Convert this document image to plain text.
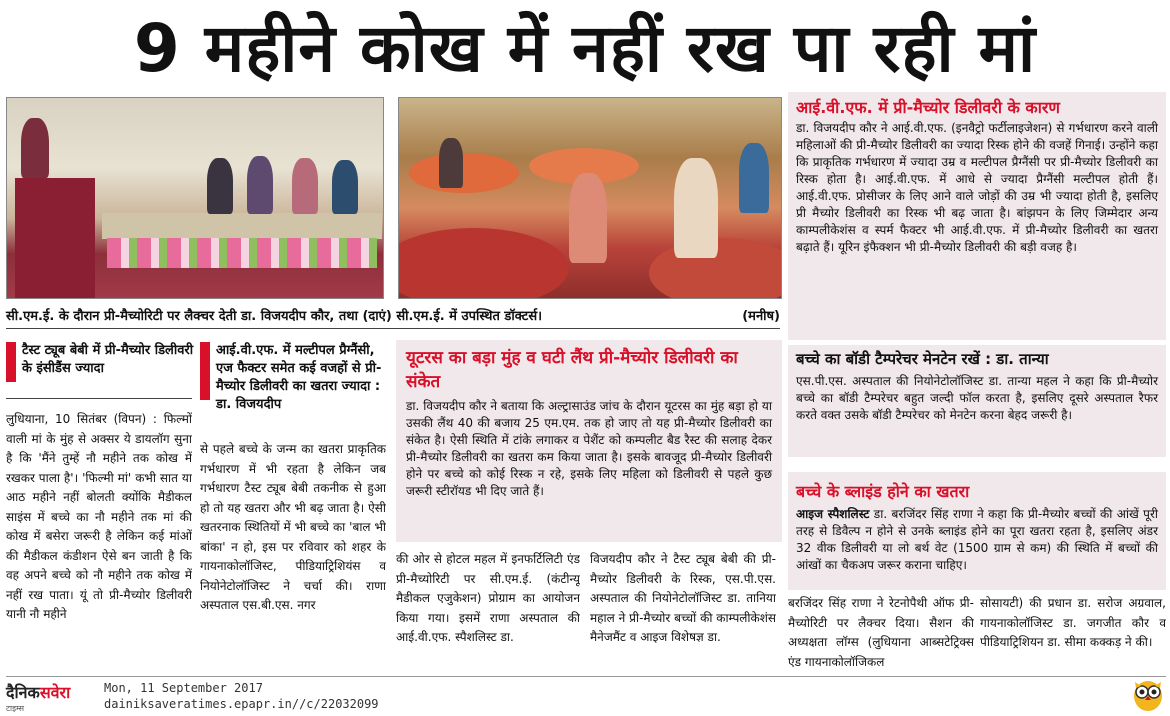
9 महीने कोख में नहीं रख पा रही मां
सी.एम.ई. के दौरान प्री-मैच्योरिटी पर लैक्चर देती डा. विजयदीप कौर, तथा (दाएं) सी.एम.ई. में उपस्थित डॉक्टर्स।	(मनीष)
आई.वी.एफ. में प्री-मैच्योर डिलीवरी के कारण
डा. विजयदीप कौर ने आई.वी.एफ. (इनवैट्रो फर्टीलाइजेशन) से गर्भधारण करने वाली महिलाओं की प्री-मैच्योर डिलीवरी का ज्यादा रिस्क होने की वजहें गिनाई। उन्होंने कहा कि प्राकृतिक गर्भधारण में ज्यादा उम्र व मल्टीपल प्रैग्नैंसी पर प्री-मैच्योर डिलीवरी का रिस्क होता है। आई.वी.एफ. में आधे से ज्यादा प्रैग्नैंसी मल्टीपल होती हैं। आई.वी.एफ. प्रोसीजर के लिए आने वाले जोड़ों की उम्र भी ज्यादा होती है, इसलिए प्री मैच्योर डिलीवरी का रिस्क भी बढ़ जाता है। बांझपन के लिए जिम्मेदार अन्य काम्पलीकेशंस व स्पर्म फैक्टर भी आई.वी.एफ. में प्री-मैच्योर डिलीवरी का खतरा बढ़ाते हैं। यूरिन इंफैक्शन भी प्री-मैच्योर डिलीवरी की बड़ी वजह है।
बच्चे का बॉडी टैम्परेचर मेनटेन रखें : डा. तान्या
एस.पी.एस. अस्पताल की नियोनेटोलॉजिस्ट डा. तान्या महल ने कहा कि प्री-मैच्योर बच्चे का बॉडी टैम्परेचर बहुत जल्दी फॉल करता है, इसलिए दूसरे अस्पताल रैफर करते वक्त उसके बॉडी टैम्परेचर को मेनटेन करना बेहद जरूरी है।
बच्चे के ब्लाइंड होने का खतरा
आइज स्पैशलिस्ट डा. बरजिंदर सिंह राणा ने कहा कि प्री-मैच्योर बच्चों की आंखें पूरी तरह से डिवैल्प न होने से उनके ब्लाइंड होने का पूरा खतरा रहता है, इसलिए अंडर 32 वीक डिलीवरी या लो बर्थ वेट (1500 ग्राम से कम) की स्थिति में बच्चों की आंखों का चैकअप जरूर कराना चाहिए।
यूटरस का बड़ा मुंह व घटी लैंथ प्री-मैच्योर डिलीवरी का संकेत
डा. विजयदीप कौर ने बताया कि अल्ट्रासाउंड जांच के दौरान यूटरस का मुंह बड़ा हो या उसकी लैंथ 40 की बजाय 25 एम.एम. तक हो जाए तो यह प्री-मैच्योर डिलीवरी का संकेत है। ऐसी स्थिति में टांके लगाकर व पेशैंट को कम्पलीट बैड रैस्ट की सलाह देकर प्री-मैच्योर डिलीवरी का खतरा कम किया जाता है। इसके बावजूद प्री-मैच्योर डिलीवरी होने पर बच्चे को कोई रिस्क न रहे, इसके लिए महिला को डिलीवरी से पहले कुछ जरूरी स्टीरॉयड भी दिए जाते हैं।
टैस्ट ट्यूब बेबी में प्री-मैच्योर डिलीवरी के इंसीडैंस ज्यादा
आई.वी.एफ. में मल्टीपल प्रैग्नैंसी, एज फैक्टर समेत कई वजहों से प्री-मैच्योर डिलीवरी का खतरा ज्यादा : डा. विजयदीप
लुधियाना, 10 सितंबर (विपन) : फिल्मों वाली मां के मुंह से अक्सर ये डायलॉग सुना है कि 'मैंने तुम्हें नौ महीने तक कोख में रखकर पाला है'। 'फिल्मी मां' कभी सात या आठ महीने नहीं बोलती क्योंकि मैडीकल साइंस में बच्चे का नौ महीने तक मां की कोख में बसेरा जरूरी है लेकिन कई मांओं की मैडीकल कंडीशन ऐसे बन जाती है कि वह अपने बच्चे को नौ महीने तक कोख में नहीं रख पाता। यूं तो प्री-मैच्योर डिलीवरी यानी नौ महीने
से पहले बच्चे के जन्म का खतरा प्राकृतिक गर्भधारण में भी रहता है लेकिन जब गर्भधारण टैस्ट ट्यूब बेबी तकनीक से हुआ हो तो यह खतरा और भी बढ़ जाता है। ऐसी खतरनाक स्थितियों में भी बच्चे का 'बाल भी बांका' न हो, इस पर रविवार को शहर के गायनाकोलॉजिस्ट, पीडियाट्रिशियंस व नियोनेटोलॉजिस्ट ने चर्चा की। राणा अस्पताल एस.बी.एस. नगर
की ओर से होटल महल में इनफर्टिलिटी एंड प्री-मैच्योरिटी पर सी.एम.ई. (कंटीन्यू मैडीकल एजुकेशन) प्रोग्राम का आयोजन किया गया। इसमें राणा अस्पताल की आई.वी.एफ. स्पैशलिस्ट डा.
विजयदीप कौर ने टैस्ट ट्यूब बेबी की प्री-मैच्योर डिलीवरी के रिस्क, एस.पी.एस. अस्पताल की नियोनेटोलॉजिस्ट डा. तानिया महाल ने प्री-मैच्योर बच्चों की काम्पलीकेशंस मैनेजमैंट व आइज विशेषज्ञ डा.
बरजिंदर सिंह राणा ने रेटनोपैथी ऑफ प्री-मैच्योरिटी पर लैक्चर दिया। सैशन की अध्यक्षता लॉग्स (लुधियाना आब्सटेट्रिक्स एंड गायनाकोलॉजिकल
सोसायटी) की प्रधान डा. सरोज अग्रवाल, गायनाकोलॉजिस्ट डा. जगजीत कौर व पीडियाट्रिशियन डा. सीमा कक्कड़ ने की।
दैनिकसवेरा
टाइम्स
Mon, 11 September 2017
dainiksaveratimes.epapr.in//c/22032099
